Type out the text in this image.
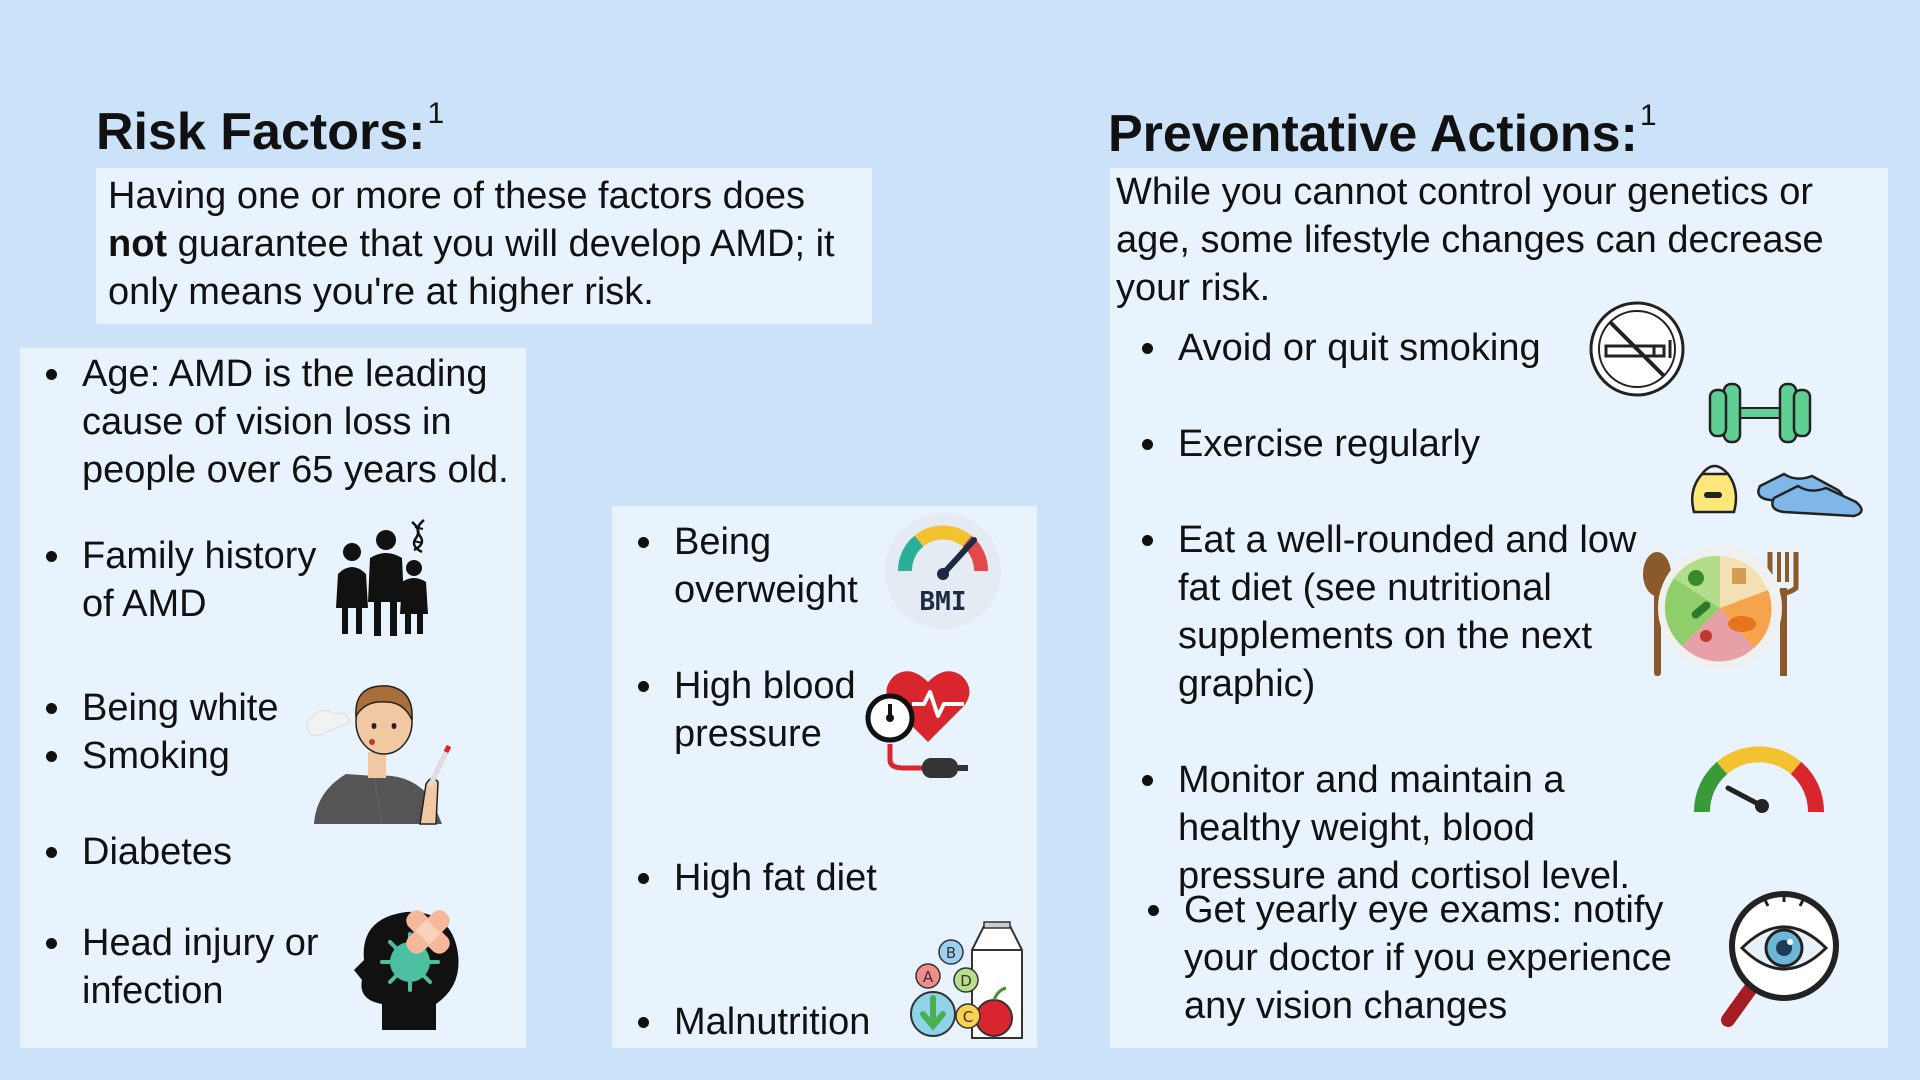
Risk Factors:$^1$
Having one or more of these factors does not guarantee that you will develop AMD; it only means you're at higher risk.
Age: AMD is the leading
cause of vision loss in
people over 65 years old.
Family history
of AMD
Being white
Smoking
Diabetes
Head injury or
infection
Being
overweight
High blood
pressure
High fat diet
Malnutrition
BMI
B
A D
C
Preventative Actions:$^1$
While you cannot control your genetics or age, some lifestyle changes can decrease your risk.
Avoid or quit smoking
Exercise regularly
Eat a well-rounded and low
fat diet (see nutritional
supplements on the next
graphic)
Monitor and maintain a
healthy weight, blood
pressure and cortisol level.
Get yearly eye exams: notify
your doctor if you experience
any vision changes
